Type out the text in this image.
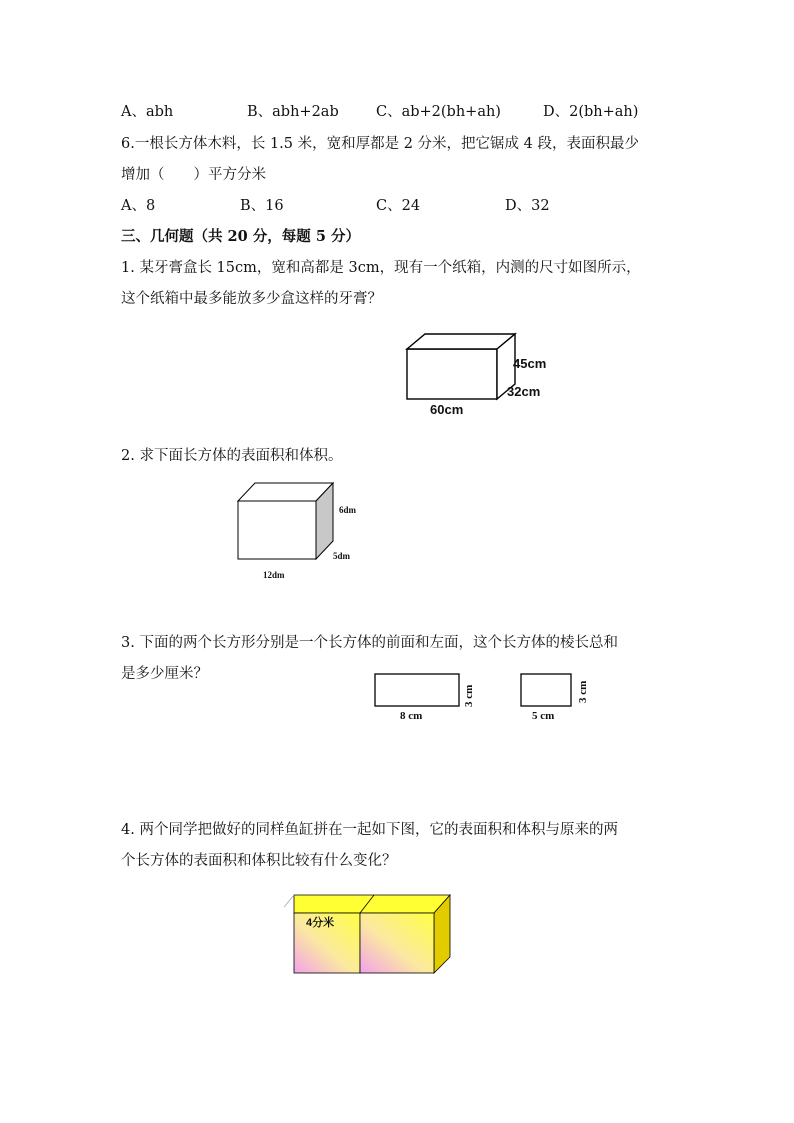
A、abh	B、abh+2ab	C、ab+2(bh+ah)	D、2(bh+ah)
6.一根长方体木料，长 1.5 米，宽和厚都是 2 分米，把它锯成 4 段，表面积最少
增加（　　）平方分米
A、8	B、16	C、24	D、32
三、几何题（共 20 分，每题 5 分）
1. 某牙膏盒长 15cm，宽和高都是 3cm，现有一个纸箱，内测的尺寸如图所示，
这个纸箱中最多能放多少盒这样的牙膏？
45cm
32cm
60cm
2. 求下面长方体的表面积和体积。
6dm
5dm
12dm
3. 下面的两个长方形分别是一个长方体的前面和左面，这个长方体的棱长总和
是多少厘米？
3 cm
8 cm
3 cm
5 cm
4. 两个同学把做好的同样鱼缸拼在一起如下图，它的表面积和体积与原来的两
个长方体的表面积和体积比较有什么变化？
4分米
